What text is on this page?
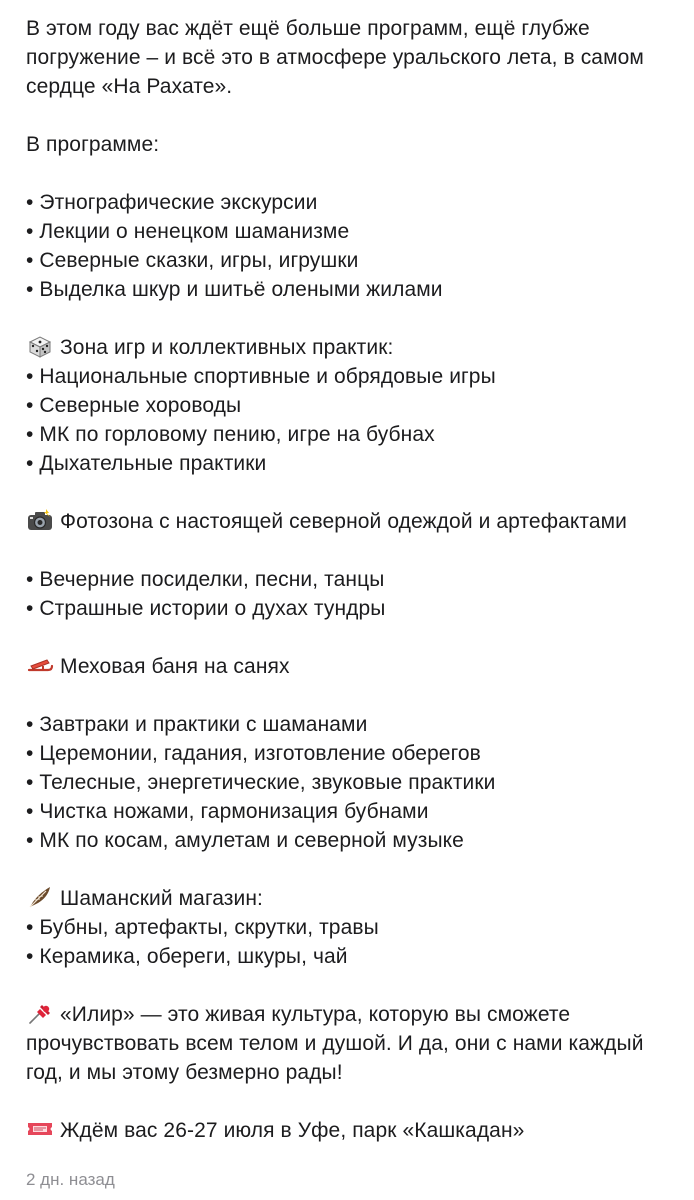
В этом году вас ждёт ещё больше программ, ещё глубже погружение – и всё это в атмосфере уральского лета, в самом сердце «На Рахате».

В программе:
• Этнографические экскурсии
• Лекции о ненецком шаманизме
• Северные сказки, игры, игрушки
• Выделка шкур и шитьё олеными жилами
Зона игр и коллективных практик:
• Национальные спортивные и обрядовые игры
• Северные хороводы
• МК по горловому пению, игре на бубнах
• Дыхательные практики

Фотозона с настоящей северной одеждой и артефактами

• Вечерние посиделки, песни, танцы
• Страшные истории о духах тундры
Меховая баня на санях
• Завтраки и практики с шаманами
• Церемонии, гадания, изготовление оберегов
• Телесные, энергетические, звуковые практики
• Чистка ножами, гармонизация бубнами
• МК по косам, амулетам и северной музыке
Шаманский магазин:
• Бубны, артефакты, скрутки, травы
• Керамика, обереги, шкуры, чай

«Илир» — это живая культура, которую вы сможете прочувствовать всем телом и душой. И да, они с нами каждый год, и мы этому безмерно рады!

Ждём вас 26-27 июля в Уфе, парк «Кашкадан»
2 дн. назад
